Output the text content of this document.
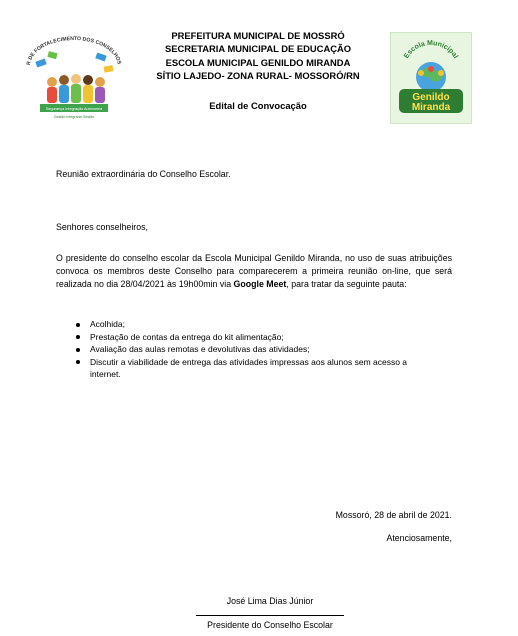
R DE FORTALECIMENTO DOS CONSELHOS
Segurança Integração Autonomia
Gestão Integrada Gestão
PREFEITURA MUNICIPAL DE MOSSRÓ
SECRETARIA MUNICIPAL DE EDUCAÇÃO
ESCOLA MUNICIPAL GENILDO MIRANDA
SÍTIO LAJEDO- ZONA RURAL- MOSSORÓ/RN
Edital de Convocação
Escola Municipal
Genildo
Miranda
Reunião extraordinária do Conselho Escolar.
Senhores conselheiros,
O presidente do conselho escolar da Escola Municipal Genildo Miranda, no uso de suas atribuições convoca os membros deste Conselho para comparecerem a primeira reunião on-line, que será realizada no dia 28/04/2021 às 19h00min via Google Meet, para tratar da seguinte pauta:
Acolhida;
Prestação de contas da entrega do kit alimentação;
Avaliação das aulas remotas e devolutivas das atividades;
Discutir a viabilidade de entrega das atividades impressas aos alunos sem acesso a internet.
Mossoró, 28 de abril de 2021.
Atenciosamente,
José Lima Dias Júnior
Presidente do Conselho Escolar
